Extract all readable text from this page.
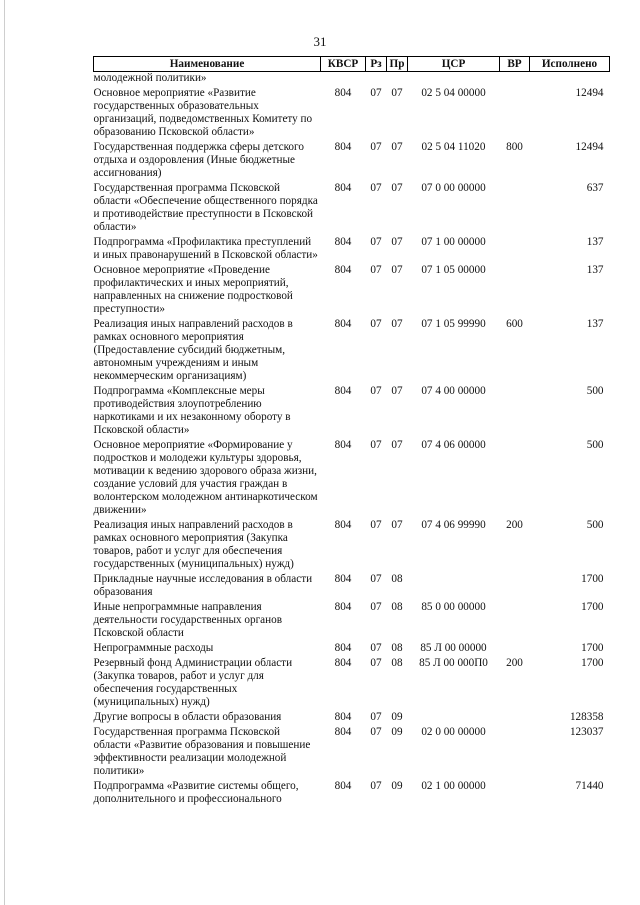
31
Наименование	КВСР	Рз	Пр	ЦСР	ВР	Исполнено
молодежной политики»						
Основное мероприятие «Развитие государственных образовательных организаций, подведомственных Комитету по образованию Псковской области»	804	07	07	02 5 04 00000		12494
Государственная поддержка сферы детского отдыха и оздоровления (Иные бюджетные ассигнования)	804	07	07	02 5 04 11020	800	12494
Государственная программа Псковской области «Обеспечение общественного порядка и противодействие преступности в Псковской области»	804	07	07	07 0 00 00000		637
Подпрограмма «Профилактика преступлений и иных правонарушений в Псковской области»	804	07	07	07 1 00 00000		137
Основное мероприятие «Проведение профилактических и иных мероприятий, направленных на снижение подростковой преступности»	804	07	07	07 1 05 00000		137
Реализация иных направлений расходов в рамках основного мероприятия (Предоставление субсидий бюджетным, автономным учреждениям и иным некоммерческим организациям)	804	07	07	07 1 05 99990	600	137
Подпрограмма «Комплексные меры противодействия злоупотреблению наркотиками и их незаконному обороту в Псковской области»	804	07	07	07 4 00 00000		500
Основное мероприятие «Формирование у подростков и молодежи культуры здоровья, мотивации к ведению здорового образа жизни, создание условий для участия граждан в волонтерском молодежном антинаркотическом движении»	804	07	07	07 4 06 00000		500
Реализация иных направлений расходов в рамках основного мероприятия (Закупка товаров, работ и услуг для обеспечения государственных (муниципальных) нужд)	804	07	07	07 4 06 99990	200	500
Прикладные научные исследования в области образования	804	07	08			1700
Иные непрограммные направления деятельности государственных органов Псковской области	804	07	08	85 0 00 00000		1700
Непрограммные расходы	804	07	08	85 Л 00 00000		1700
Резервный фонд Администрации области (Закупка товаров, работ и услуг для обеспечения государственных (муниципальных) нужд)	804	07	08	85 Л 00 000П0	200	1700
Другие вопросы в области образования	804	07	09			128358
Государственная программа Псковской области «Развитие образования и повышение эффективности реализации молодежной политики»	804	07	09	02 0 00 00000		123037
Подпрограмма «Развитие системы общего, дополнительного и профессионального	804	07	09	02 1 00 00000		71440
